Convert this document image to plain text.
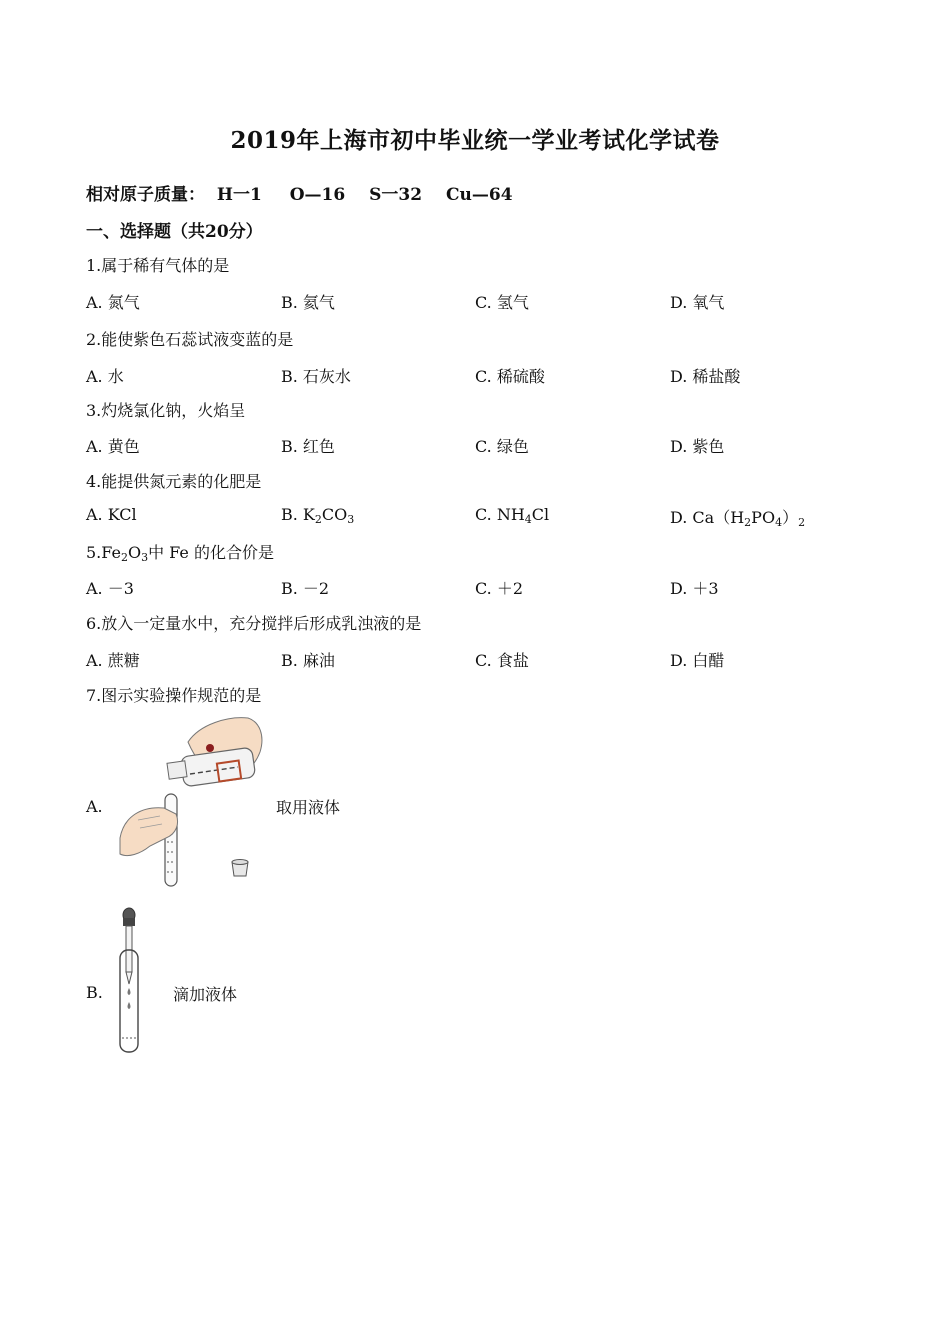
2019年上海市初中毕业统一学业考试化学试卷
相对原子质量： H一1 O—16 S一32 Cu—64
一、选择题（共20分）
1.属于稀有气体的是
A. 氮气	B. 氦气	C. 氢气	D. 氧气
2.能使紫色石蕊试液变蓝的是
A. 水	B. 石灰水	C. 稀硫酸	D. 稀盐酸
3.灼烧氯化钠，火焰呈
A. 黄色	B. 红色	C. 绿色	D. 紫色
4.能提供氮元素的化肥是
A. KCl	B. $K_2CO_3$	C. $NH_4Cl$	D. $Ca(H_2PO_4)_2$
$5.Fe_2O_3$中 Fe 的化合价是
A. －3	B. －2	C. ＋2	D. ＋3
6.放入一定量水中，充分搅拌后形成乳浊液的是
A. 蔗糖	B. 麻油	C. 食盐	D. 白醋
7.图示实验操作规范的是
A.	取用液体
B.	滴加液体
